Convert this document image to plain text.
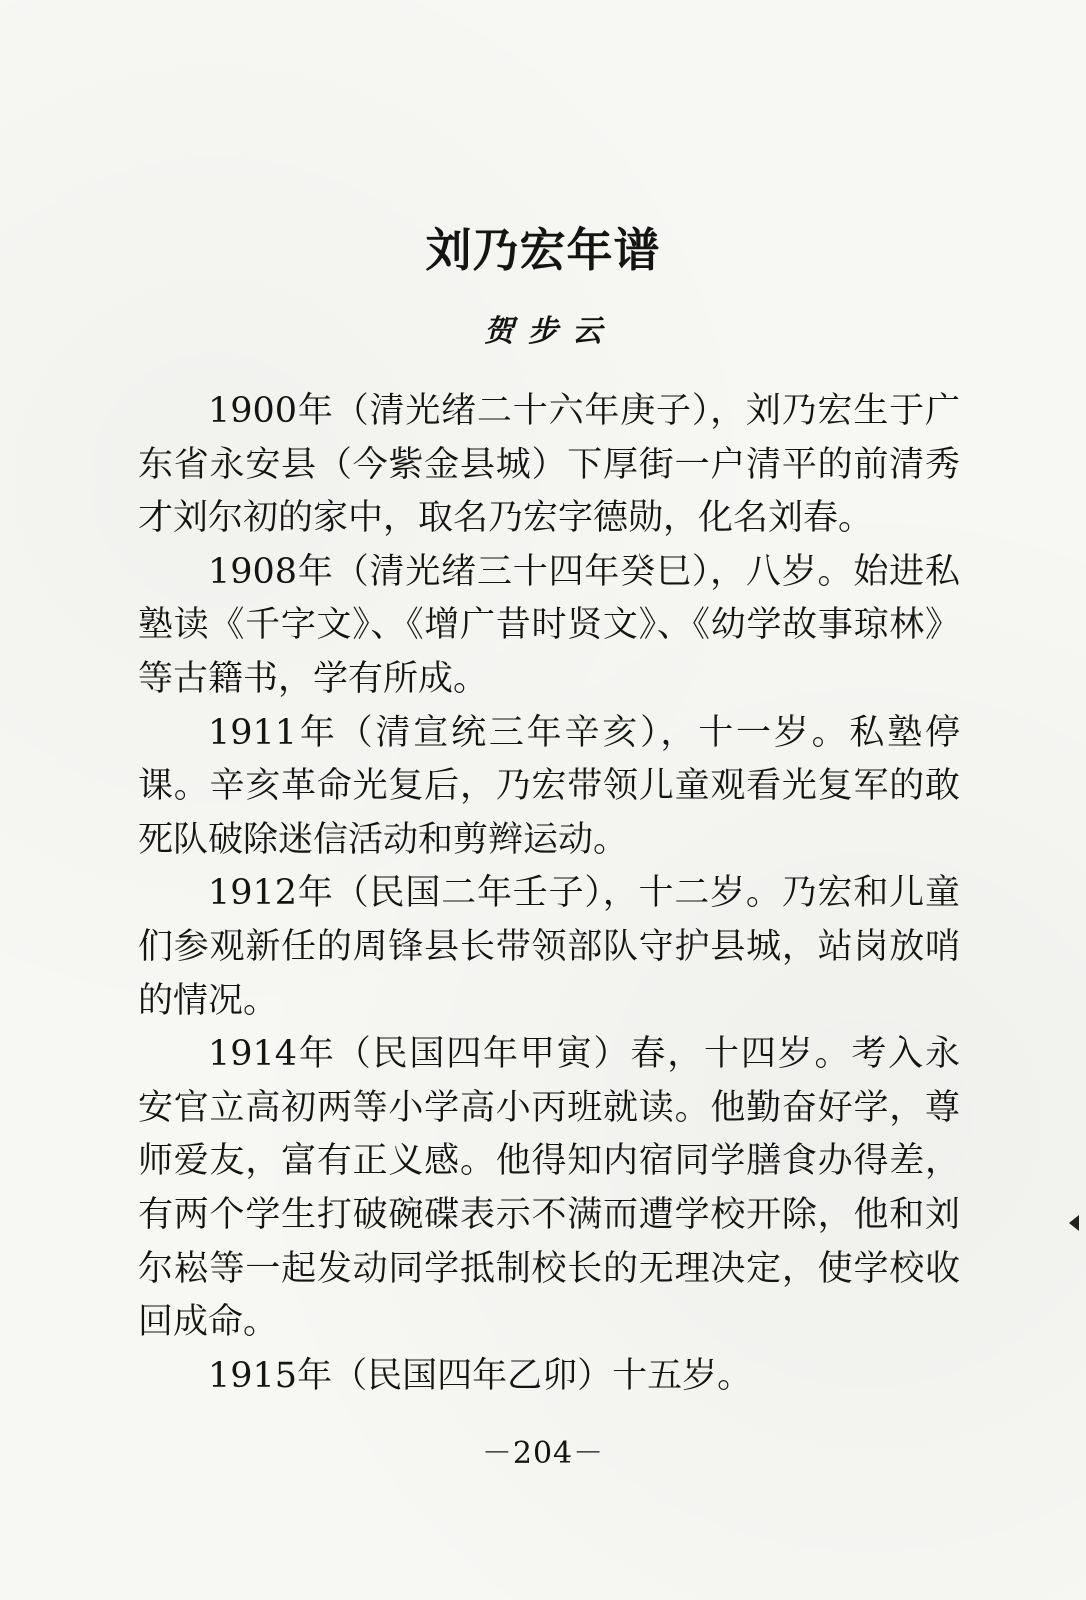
刘乃宏年谱
贺步云

1900年（清光绪二十六年庚子），刘乃宏生于广东省永安县（今紫金县城）下厚街一户清平的前清秀才刘尔初的家中，取名乃宏字德勋，化名刘春。

1908年（清光绪三十四年癸巳），八岁。始进私塾读《千字文》、《增广昔时贤文》、《幼学故事琼林》等古籍书，学有所成。

1911年（清宣统三年辛亥），十一岁。私塾停课。辛亥革命光复后，乃宏带领儿童观看光复军的敢死队破除迷信活动和剪辫运动。

1912年（民国二年壬子），十二岁。乃宏和儿童们参观新任的周锋县长带领部队守护县城，站岗放哨的情况。

1914年（民国四年甲寅）春，十四岁。考入永安官立高初两等小学高小丙班就读。他勤奋好学，尊师爱友，富有正义感。他得知内宿同学膳食办得差，有两个学生打破碗碟表示不满而遭学校开除，他和刘尔崧等一起发动同学抵制校长的无理决定，使学校收回成命。

1915年（民国四年乙卯）十五岁。

－204－
